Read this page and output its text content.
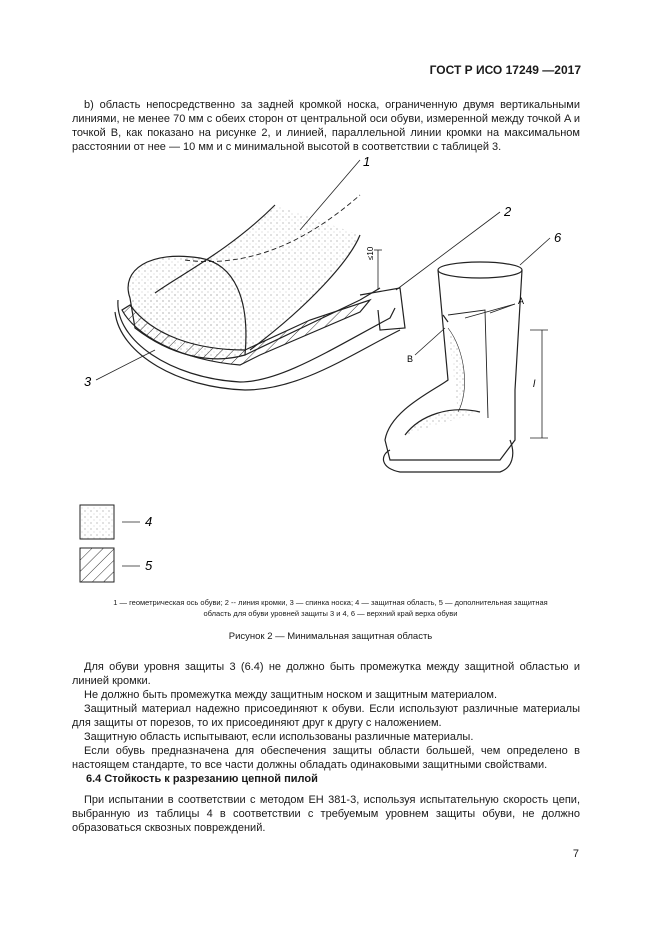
ГОСТ Р ИСО 17249 —2017

b) область непосредственно за задней кромкой носка, ограниченную двумя вертикальными линиями, не менее 70 мм с обеих сторон от центральной оси обуви, измеренной между точкой A и точкой B, как показано на рисунке 2, и линией, параллельной линии кромки на максимальном расстоянии от нее — 10 мм и с минимальной высотой в соответствии с таблицей 3.

1
2
6
3
4
5
A
B
l
≤10
1 — геометрическая ось обуви; 2 -- линия кромки, 3 — спинка носка; 4 — защитная область, 5 — дополнительная защитная
область для обуви уровней защиты 3 и 4, 6 — верхний край верха обуви
Рисунок 2 — Минимальная защитная область

Для обуви уровня защиты 3 (6.4) не должно быть промежутка между защитной областью и линией кромки.

Не должно быть промежутка между защитным носком и защитным материалом.

Защитный материал надежно присоединяют к обуви. Если используют различные материалы для защиты от порезов, то их присоединяют друг к другу с наложением.

Защитную область испытывают, если использованы различные материалы.

Если обувь предназначена для обеспечения защиты области большей, чем определено в настоящем стандарте, то все части должны обладать одинаковыми защитными свойствами.

6.4 Стойкость к разрезанию цепной пилой

При испытании в соответствии с методом ЕН 381-3, используя испытательную скорость цепи, выбранную из таблицы 4 в соответствии с требуемым уровнем защиты обуви, не должно образоваться сквозных повреждений.

7
